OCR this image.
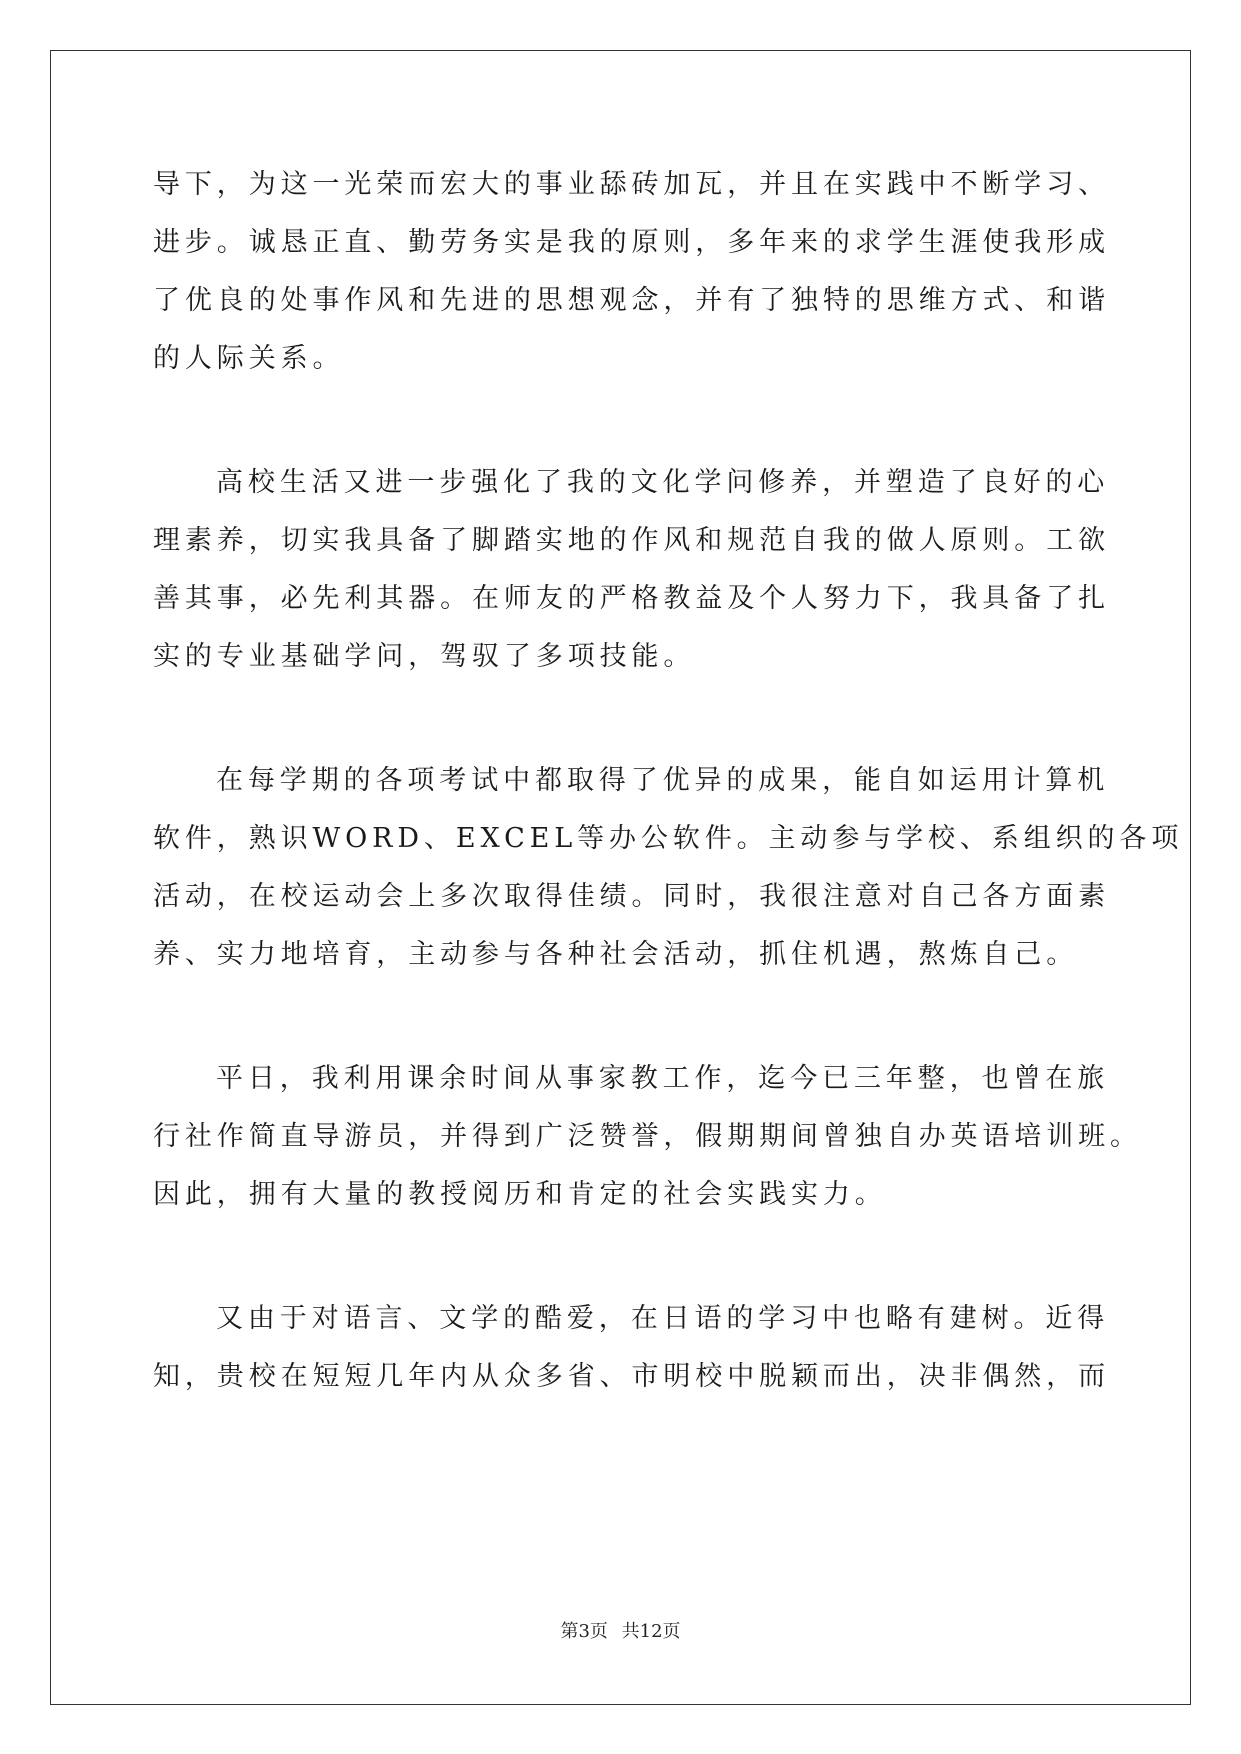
导下，为这一光荣而宏大的事业舔砖加瓦，并且在实践中不断学习、
进步。诚恳正直、勤劳务实是我的原则，多年来的求学生涯使我形成
了优良的处事作风和先进的思想观念，并有了独特的思维方式、和谐
的人际关系。
高校生活又进一步强化了我的文化学问修养，并塑造了良好的心
理素养，切实我具备了脚踏实地的作风和规范自我的做人原则。工欲
善其事，必先利其器。在师友的严格教益及个人努力下，我具备了扎
实的专业基础学问，驾驭了多项技能。
在每学期的各项考试中都取得了优异的成果，能自如运用计算机
软件，熟识WORD、EXCEL等办公软件。主动参与学校、系组织的各项
活动，在校运动会上多次取得佳绩。同时，我很注意对自己各方面素
养、实力地培育，主动参与各种社会活动，抓住机遇，熬炼自己。
平日，我利用课余时间从事家教工作，迄今已三年整，也曾在旅
行社作简直导游员，并得到广泛赞誉，假期期间曾独自办英语培训班。
因此，拥有大量的教授阅历和肯定的社会实践实力。
又由于对语言、文学的酷爱，在日语的学习中也略有建树。近得
知，贵校在短短几年内从众多省、市明校中脱颖而出，决非偶然，而
第3页 共12页
